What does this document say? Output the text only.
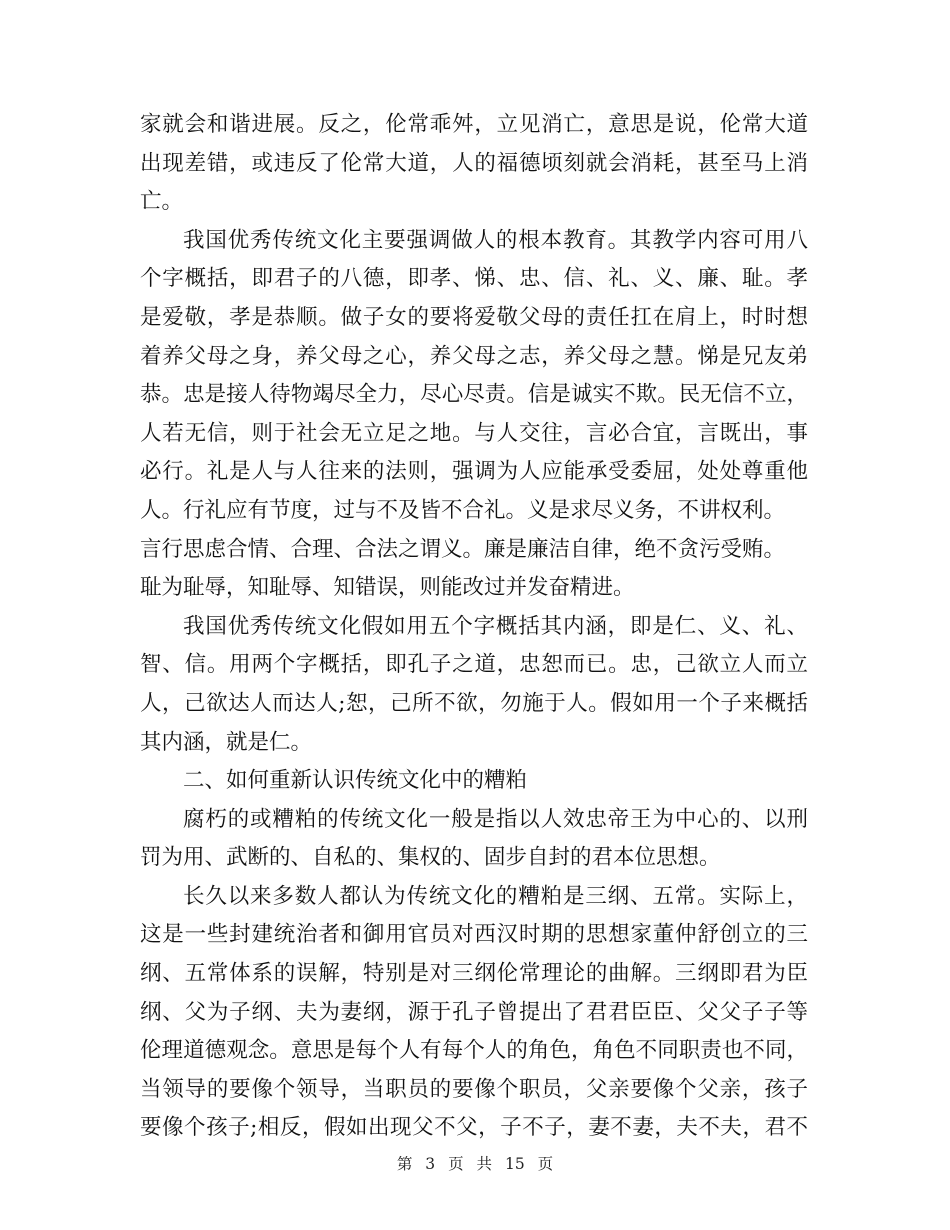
家就会和谐进展。反之，伦常乖舛，立见消亡，意思是说，伦常大道
出现差错，或违反了伦常大道，人的福德顷刻就会消耗，甚至马上消
亡。
我国优秀传统文化主要强调做人的根本教育。其教学内容可用八
个字概括，即君子的八德，即孝、悌、忠、信、礼、义、廉、耻。孝
是爱敬，孝是恭顺。做子女的要将爱敬父母的责任扛在肩上，时时想
着养父母之身，养父母之心，养父母之志，养父母之慧。悌是兄友弟
恭。忠是接人待物竭尽全力，尽心尽责。信是诚实不欺。民无信不立，
人若无信，则于社会无立足之地。与人交往，言必合宜，言既出，事
必行。礼是人与人往来的法则，强调为人应能承受委屈，处处尊重他
人。行礼应有节度，过与不及皆不合礼。义是求尽义务，不讲权利。
言行思虑合情、合理、合法之谓义。廉是廉洁自律，绝不贪污受贿。
耻为耻辱，知耻辱、知错误，则能改过并发奋精进。
我国优秀传统文化假如用五个字概括其内涵，即是仁、义、礼、
智、信。用两个字概括，即孔子之道，忠恕而已。忠，己欲立人而立
人，己欲达人而达人;恕，己所不欲，勿施于人。假如用一个子来概括
其内涵，就是仁。
二、如何重新认识传统文化中的糟粕
腐朽的或糟粕的传统文化一般是指以人效忠帝王为中心的、以刑
罚为用、武断的、自私的、集权的、固步自封的君本位思想。
长久以来多数人都认为传统文化的糟粕是三纲、五常。实际上，
这是一些封建统治者和御用官员对西汉时期的思想家董仲舒创立的三
纲、五常体系的误解，特别是对三纲伦常理论的曲解。三纲即君为臣
纲、父为子纲、夫为妻纲，源于孔子曾提出了君君臣臣、父父子子等
伦理道德观念。意思是每个人有每个人的角色，角色不同职责也不同，
当领导的要像个领导，当职员的要像个职员，父亲要像个父亲，孩子
要像个孩子;相反，假如出现父不父，子不子，妻不妻，夫不夫，君不
第 3 页 共 15 页
